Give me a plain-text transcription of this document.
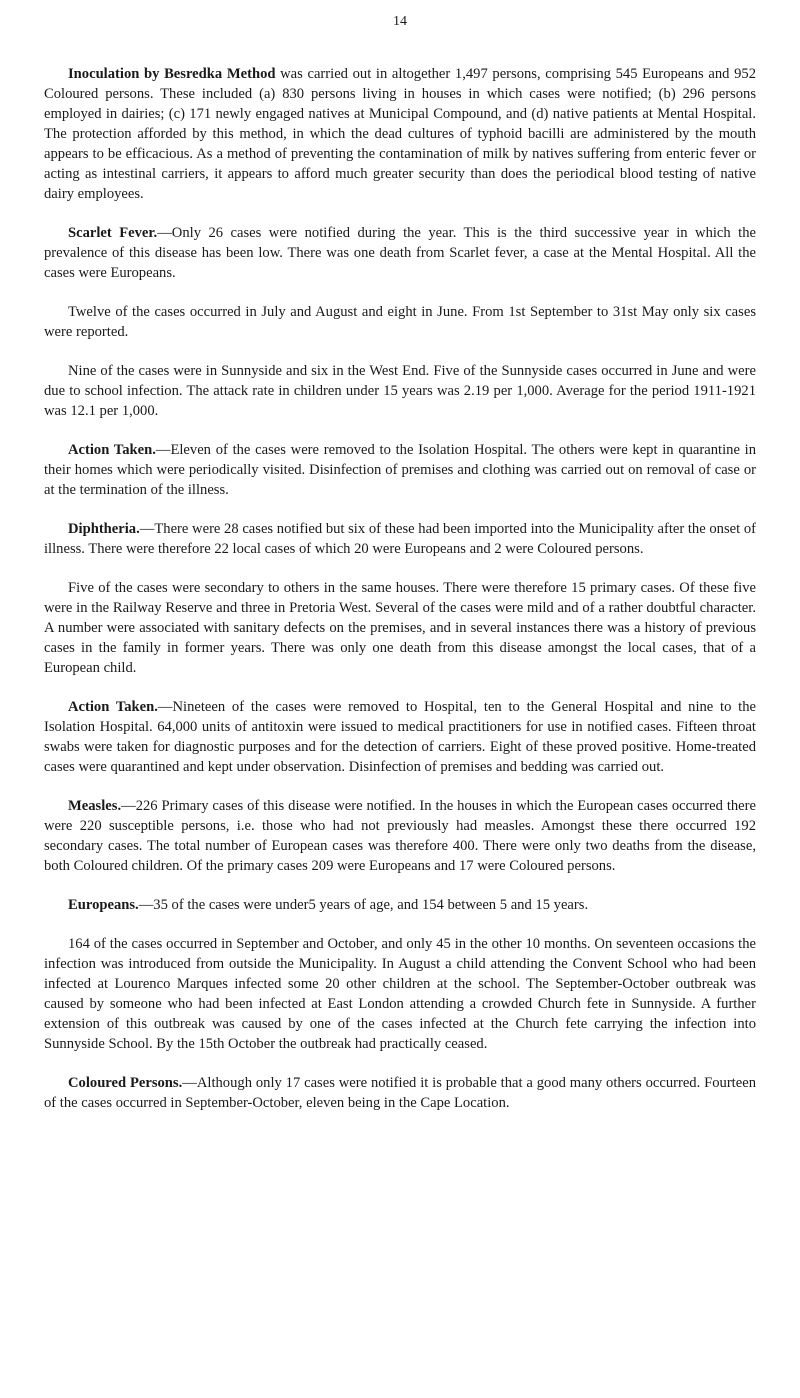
14

Inoculation by Besredka Method was carried out in altogether 1,497 persons, comprising 545 Europeans and 952 Coloured persons. These included (a) 830 persons living in houses in which cases were notified; (b) 296 persons employed in dairies; (c) 171 newly engaged natives at Municipal Compound, and (d) native patients at Mental Hospital. The protection afforded by this method, in which the dead cultures of typhoid bacilli are administered by the mouth appears to be efficacious. As a method of preventing the contamination of milk by natives suffering from enteric fever or acting as intestinal carriers, it appears to afford much greater security than does the periodical blood testing of native dairy employees.

Scarlet Fever.—Only 26 cases were notified during the year. This is the third successive year in which the prevalence of this disease has been low. There was one death from Scarlet fever, a case at the Mental Hospital. All the cases were Europeans.

Twelve of the cases occurred in July and August and eight in June. From 1st September to 31st May only six cases were reported.

Nine of the cases were in Sunnyside and six in the West End. Five of the Sunnyside cases occurred in June and were due to school infection. The attack rate in children under 15 years was 2.19 per 1,000. Average for the period 1911-1921 was 12.1 per 1,000.

Action Taken.—Eleven of the cases were removed to the Isolation Hospital. The others were kept in quarantine in their homes which were periodically visited. Disinfection of premises and clothing was carried out on removal of case or at the termination of the illness.

Diphtheria.—There were 28 cases notified but six of these had been imported into the Municipality after the onset of illness. There were therefore 22 local cases of which 20 were Europeans and 2 were Coloured persons.

Five of the cases were secondary to others in the same houses. There were therefore 15 primary cases. Of these five were in the Railway Reserve and three in Pretoria West. Several of the cases were mild and of a rather doubtful character. A number were associated with sanitary defects on the premises, and in several instances there was a history of previous cases in the family in former years. There was only one death from this disease amongst the local cases, that of a European child.

Action Taken.—Nineteen of the cases were removed to Hospital, ten to the General Hospital and nine to the Isolation Hospital. 64,000 units of antitoxin were issued to medical practitioners for use in notified cases. Fifteen throat swabs were taken for diagnostic purposes and for the detection of carriers. Eight of these proved positive. Home-treated cases were quarantined and kept under observation. Disinfection of premises and bedding was carried out.

Measles.—226 Primary cases of this disease were notified. In the houses in which the European cases occurred there were 220 susceptible persons, i.e. those who had not previously had measles. Amongst these there occurred 192 secondary cases. The total number of European cases was therefore 400. There were only two deaths from the disease, both Coloured children. Of the primary cases 209 were Europeans and 17 were Coloured persons.

Europeans.—35 of the cases were under5 years of age, and 154 between 5 and 15 years.

164 of the cases occurred in September and October, and only 45 in the other 10 months. On seventeen occasions the infection was introduced from outside the Municipality. In August a child attending the Convent School who had been infected at Lourenco Marques infected some 20 other children at the school. The September-October outbreak was caused by someone who had been infected at East London attending a crowded Church fete in Sunnyside. A further extension of this outbreak was caused by one of the cases infected at the Church fete carrying the infection into Sunnyside School. By the 15th October the outbreak had practically ceased.

Coloured Persons.—Although only 17 cases were notified it is probable that a good many others occurred. Fourteen of the cases occurred in September-October, eleven being in the Cape Location.
